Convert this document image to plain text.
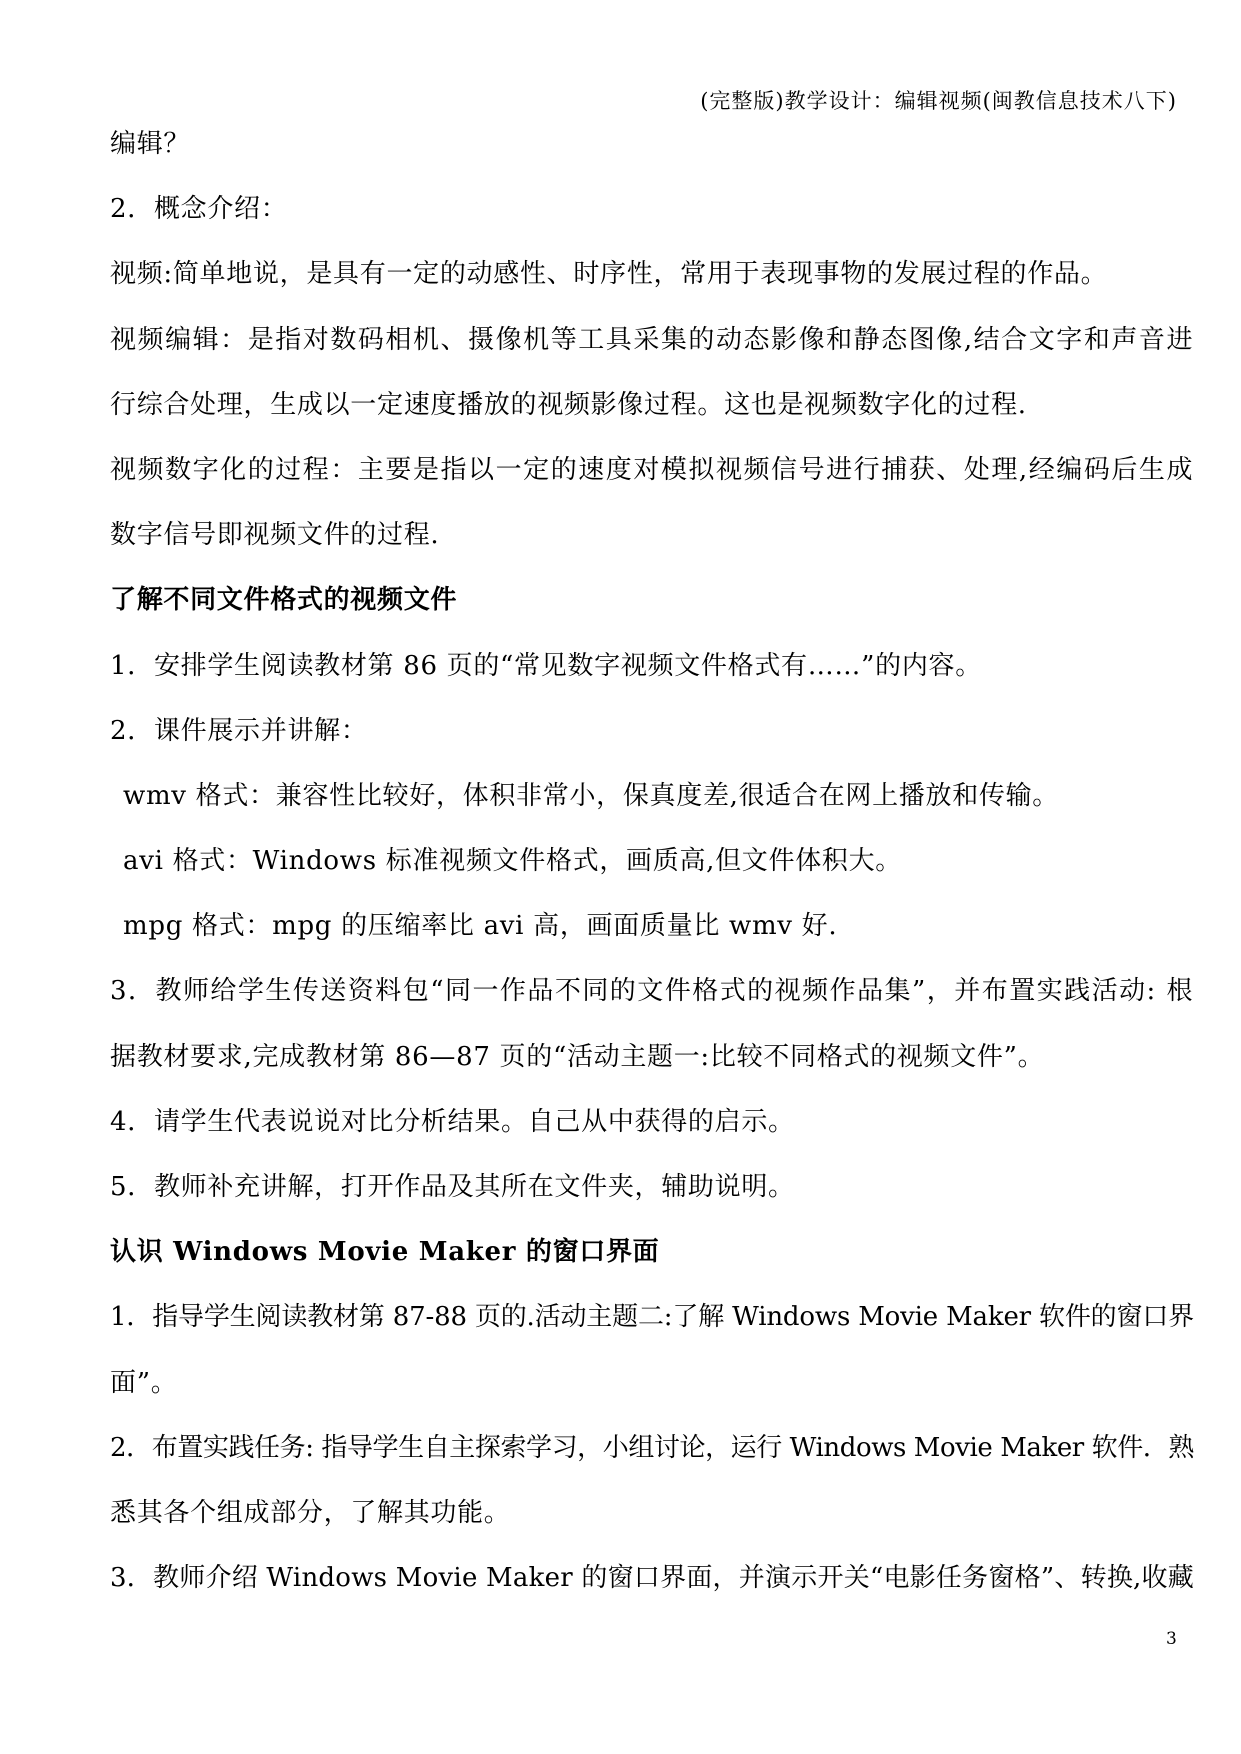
(完整版)教学设计：编辑视频(闽教信息技术八下)
编辑？
2．概念介绍：
视频:简单地说，是具有一定的动感性、时序性，常用于表现事物的发展过程的作品。
视频编辑：是指对数码相机、摄像机等工具采集的动态影像和静态图像,结合文字和声音进
行综合处理，生成以一定速度播放的视频影像过程。这也是视频数字化的过程.
视频数字化的过程：主要是指以一定的速度对模拟视频信号进行捕获、处理,经编码后生成
数字信号即视频文件的过程.
了解不同文件格式的视频文件
1．安排学生阅读教材第 86 页的“常见数字视频文件格式有……”的内容。
2．课件展示并讲解：
wmv 格式：兼容性比较好，体积非常小，保真度差,很适合在网上播放和传输。
avi 格式：Windows 标准视频文件格式，画质高,但文件体积大。
mpg 格式：mpg 的压缩率比 avi 高，画面质量比 wmv 好.
3．教师给学生传送资料包“同一作品不同的文件格式的视频作品集”，并布置实践活动: 根
据教材要求,完成教材第 86—87 页的“活动主题一:比较不同格式的视频文件”。
4．请学生代表说说对比分析结果。自己从中获得的启示。
5．教师补充讲解，打开作品及其所在文件夹，辅助说明。
认识 Windows Movie Maker 的窗口界面
1．指导学生阅读教材第 87-88 页的.活动主题二:了解 Windows Movie Maker 软件的窗口界
面”。
2．布置实践任务: 指导学生自主探索学习，小组讨论，运行 Windows Movie Maker 软件．熟
悉其各个组成部分，了解其功能。
3．教师介绍 Windows Movie Maker 的窗口界面，并演示开关“电影任务窗格”、转换,收藏
3
